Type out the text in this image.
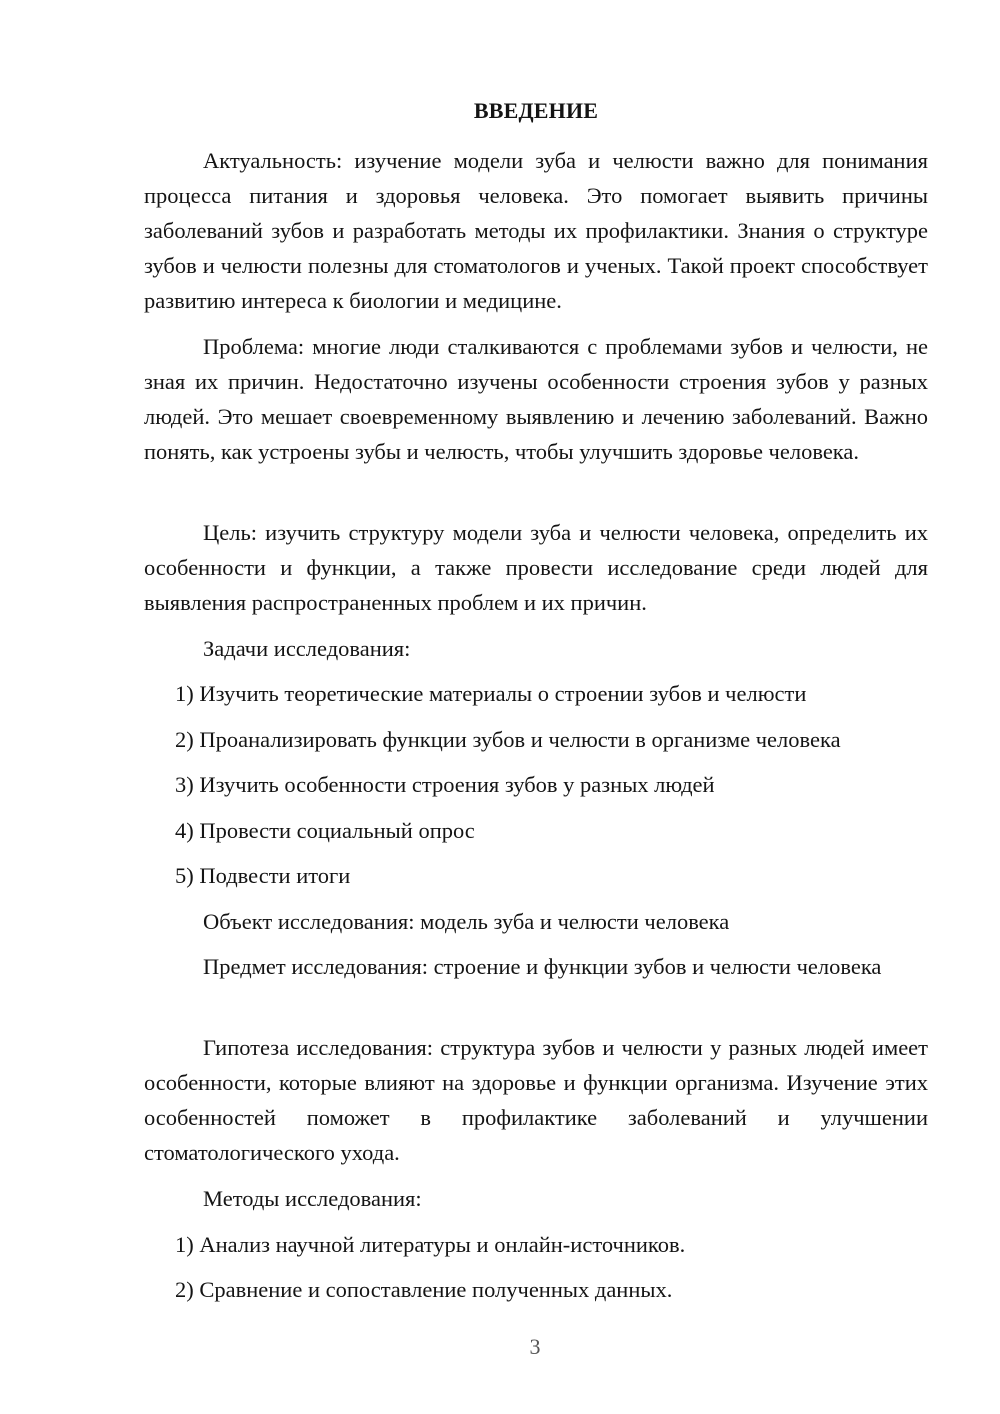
ВВЕДЕНИЕ

Актуальность: изучение модели зуба и челюсти важно для понимания процесса питания и здоровья человека. Это помогает выявить причины заболеваний зубов и разработать методы их профилактики. Знания о структуре зубов и челюсти полезны для стоматологов и ученых. Такой проект способствует развитию интереса к биологии и медицине.

Проблема: многие люди сталкиваются с проблемами зубов и челюсти, не зная их причин. Недостаточно изучены особенности строения зубов у разных людей. Это мешает своевременному выявлению и лечению заболеваний. Важно понять, как устроены зубы и челюсть, чтобы улучшить здоровье человека.

Цель: изучить структуру модели зуба и челюсти человека, определить их особенности и функции, а также провести исследование среди людей для выявления распространенных проблем и их причин.

Задачи исследования:

1) Изучить теоретические материалы о строении зубов и челюсти

2) Проанализировать функции зубов и челюсти в организме человека

3) Изучить особенности строения зубов у разных людей

4) Провести социальный опрос

5) Подвести итоги

Объект исследования: модель зуба и челюсти человека

Предмет исследования: строение и функции зубов и челюсти человека

Гипотеза исследования: структура зубов и челюсти у разных людей имеет особенности, которые влияют на здоровье и функции организма. Изучение этих особенностей поможет в профилактике заболеваний и улучшении стоматологического ухода.

Методы исследования:

1) Анализ научной литературы и онлайн-источников.

2) Сравнение и сопоставление полученных данных.

3
